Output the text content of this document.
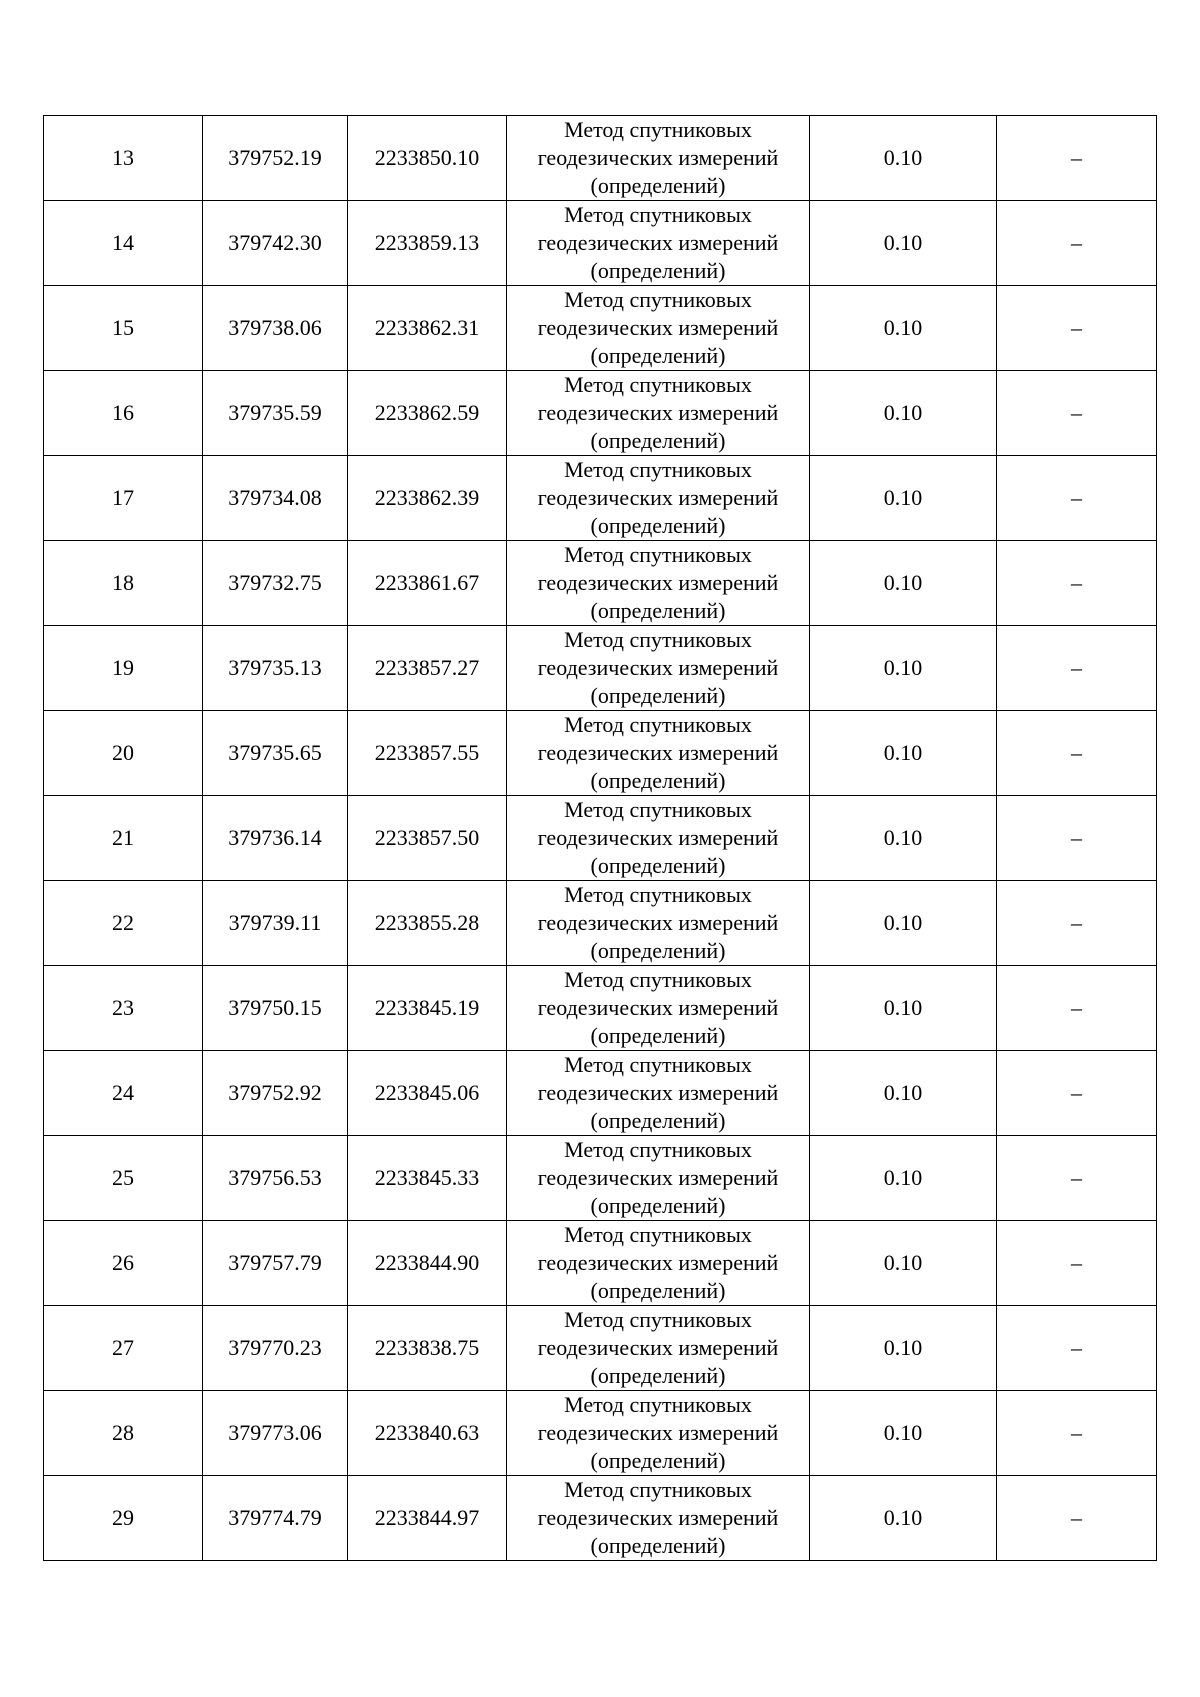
13	379752.19	2233850.10	Метод спутниковых
геодезических измерений
(определений)	0.10	–
14	379742.30	2233859.13	Метод спутниковых
геодезических измерений
(определений)	0.10	–
15	379738.06	2233862.31	Метод спутниковых
геодезических измерений
(определений)	0.10	–
16	379735.59	2233862.59	Метод спутниковых
геодезических измерений
(определений)	0.10	–
17	379734.08	2233862.39	Метод спутниковых
геодезических измерений
(определений)	0.10	–
18	379732.75	2233861.67	Метод спутниковых
геодезических измерений
(определений)	0.10	–
19	379735.13	2233857.27	Метод спутниковых
геодезических измерений
(определений)	0.10	–
20	379735.65	2233857.55	Метод спутниковых
геодезических измерений
(определений)	0.10	–
21	379736.14	2233857.50	Метод спутниковых
геодезических измерений
(определений)	0.10	–
22	379739.11	2233855.28	Метод спутниковых
геодезических измерений
(определений)	0.10	–
23	379750.15	2233845.19	Метод спутниковых
геодезических измерений
(определений)	0.10	–
24	379752.92	2233845.06	Метод спутниковых
геодезических измерений
(определений)	0.10	–
25	379756.53	2233845.33	Метод спутниковых
геодезических измерений
(определений)	0.10	–
26	379757.79	2233844.90	Метод спутниковых
геодезических измерений
(определений)	0.10	–
27	379770.23	2233838.75	Метод спутниковых
геодезических измерений
(определений)	0.10	–
28	379773.06	2233840.63	Метод спутниковых
геодезических измерений
(определений)	0.10	–
29	379774.79	2233844.97	Метод спутниковых
геодезических измерений
(определений)	0.10	–
